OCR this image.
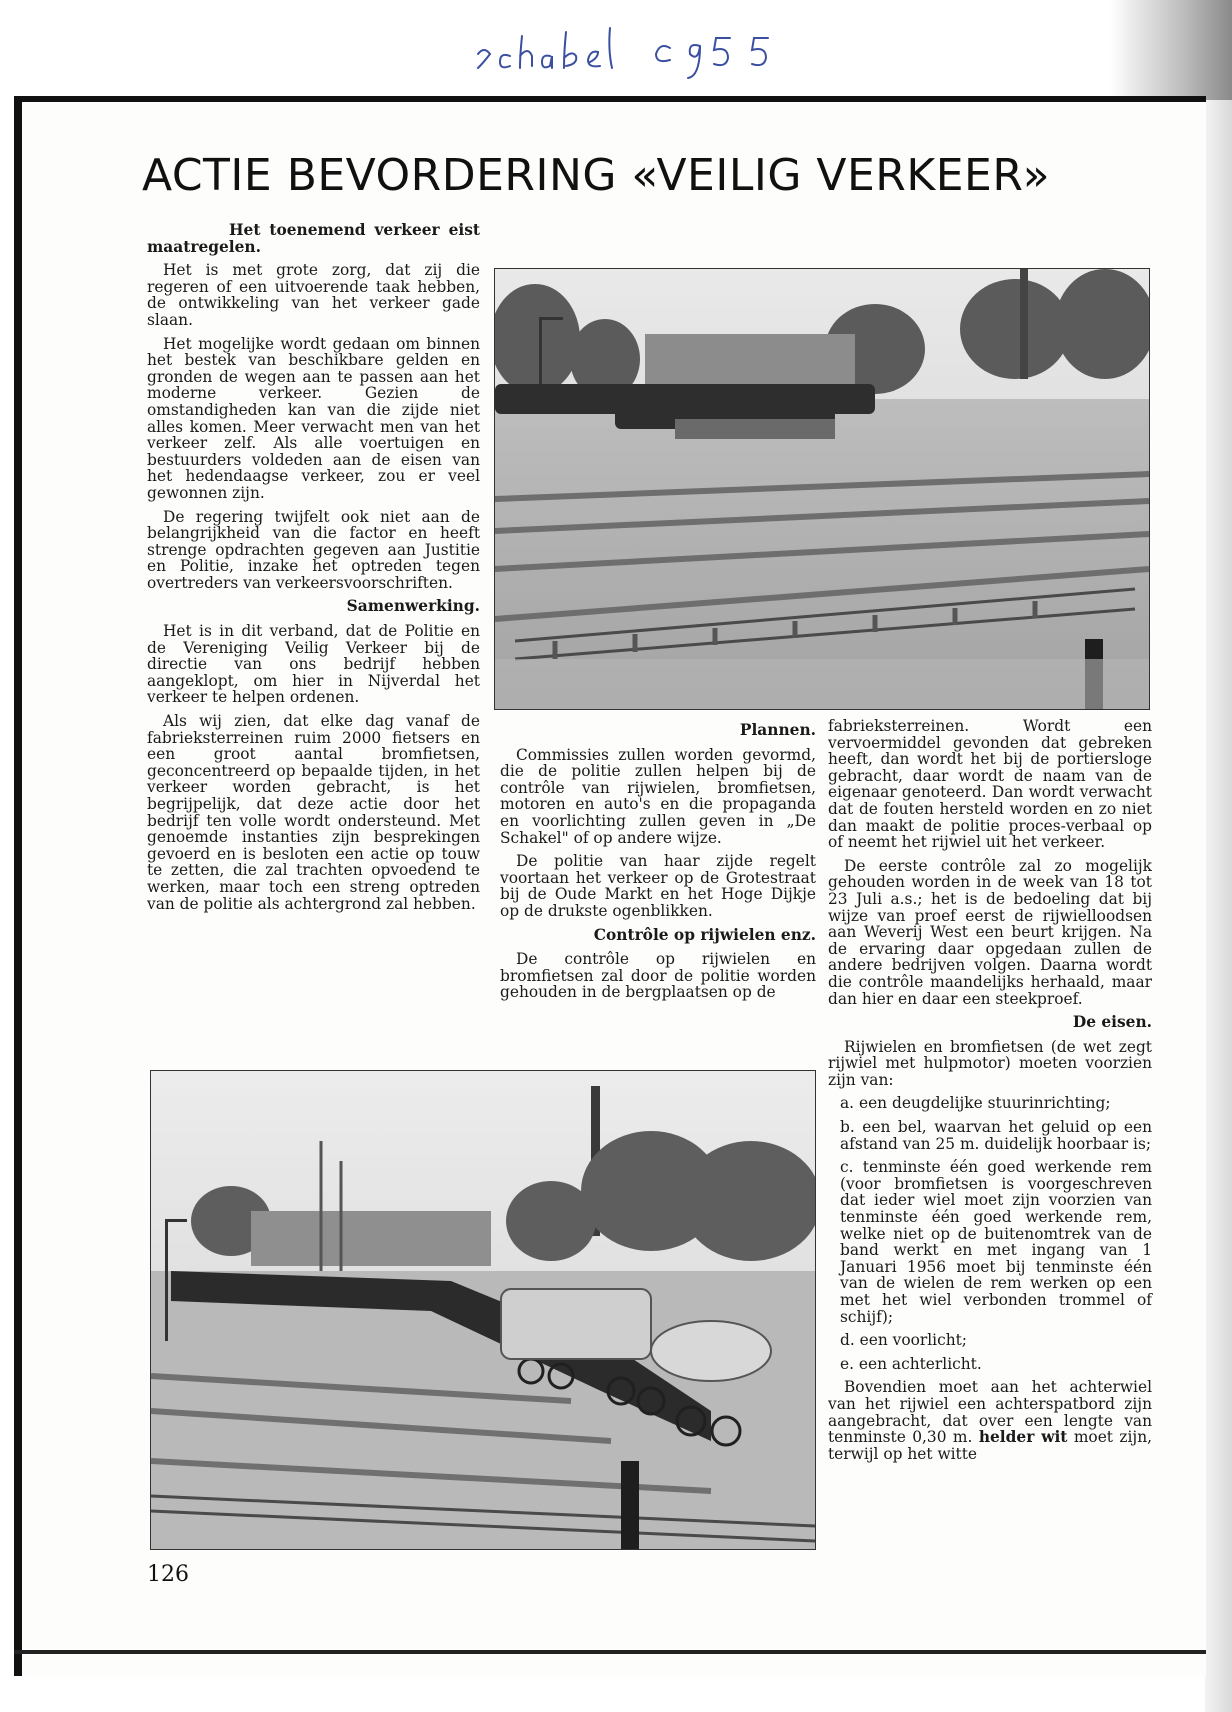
schakel 1955
ACTIE BEVORDERING «VEILIG VERKEER»

Het toenemend verkeer eist maatregelen.

Het is met grote zorg, dat zij die regeren of een uitvoerende taak hebben, de ontwikkeling van het verkeer gade slaan.

Het mogelijke wordt gedaan om binnen het bestek van beschikbare gelden en gronden de wegen aan te passen aan het moderne verkeer. Gezien de omstandigheden kan van die zijde niet alles komen. Meer verwacht men van het verkeer zelf. Als alle voertuigen en bestuurders voldeden aan de eisen van het hedendaagse verkeer, zou er veel gewonnen zijn.

De regering twijfelt ook niet aan de belangrijkheid van die factor en heeft strenge opdrachten gegeven aan Justitie en Politie, inzake het optreden tegen overtreders van verkeersvoorschriften.

Samenwerking.

Het is in dit verband, dat de Politie en de Vereniging Veilig Verkeer bij de directie van ons bedrijf hebben aangeklopt, om hier in Nijverdal het verkeer te helpen ordenen.

Als wij zien, dat elke dag vanaf de fabrieksterreinen ruim 2000 fietsers en een groot aantal bromfietsen, geconcentreerd op bepaalde tijden, in het verkeer worden gebracht, is het begrijpelijk, dat deze actie door het bedrijf ten volle wordt ondersteund. Met genoemde instanties zijn besprekingen gevoerd en is besloten een actie op touw te zetten, die zal trachten opvoedend te werken, maar toch een streng optreden van de politie als achtergrond zal hebben.

Plannen.

Commissies zullen worden gevormd, die de politie zullen helpen bij de contrôle van rijwielen, bromfietsen, motoren en auto's en die propaganda en voorlichting zullen geven in „De Schakel" of op andere wijze.

De politie van haar zijde regelt voortaan het verkeer op de Grotestraat bij de Oude Markt en het Hoge Dijkje op de drukste ogenblikken.

Contrôle op rijwielen enz.

De contrôle op rijwielen en bromfietsen zal door de politie worden gehouden in de bergplaatsen op de

fabrieksterreinen. Wordt een vervoermiddel gevonden dat gebreken heeft, dan wordt het bij de portiersloge gebracht, daar wordt de naam van de eigenaar genoteerd. Dan wordt verwacht dat de fouten hersteld worden en zo niet dan maakt de politie proces-verbaal op of neemt het rijwiel uit het verkeer.

De eerste contrôle zal zo mogelijk gehouden worden in de week van 18 tot 23 Juli a.s.; het is de bedoeling dat bij wijze van proef eerst de rijwielloodsen aan Weverij West een beurt krijgen. Na de ervaring daar opgedaan zullen de andere bedrijven volgen. Daarna wordt die contrôle maandelijks herhaald, maar dan hier en daar een steekproef.

De eisen.

Rijwielen en bromfietsen (de wet zegt rijwiel met hulpmotor) moeten voorzien zijn van:

a. een deugdelijke stuurinrichting;

b. een bel, waarvan het geluid op een afstand van 25 m. duidelijk hoorbaar is;

c. tenminste één goed werkende rem (voor bromfietsen is voorgeschreven dat ieder wiel moet zijn voorzien van tenminste één goed werkende rem, welke niet op de buitenomtrek van de band werkt en met ingang van 1 Januari 1956 moet bij tenminste één van de wielen de rem werken op een met het wiel verbonden trommel of schijf);

d. een voorlicht;

e. een achterlicht.

Bovendien moet aan het achterwiel van het rijwiel een achterspatbord zijn aangebracht, dat over een lengte van tenminste 0,30 m. helder wit moet zijn, terwijl op het witte

126
